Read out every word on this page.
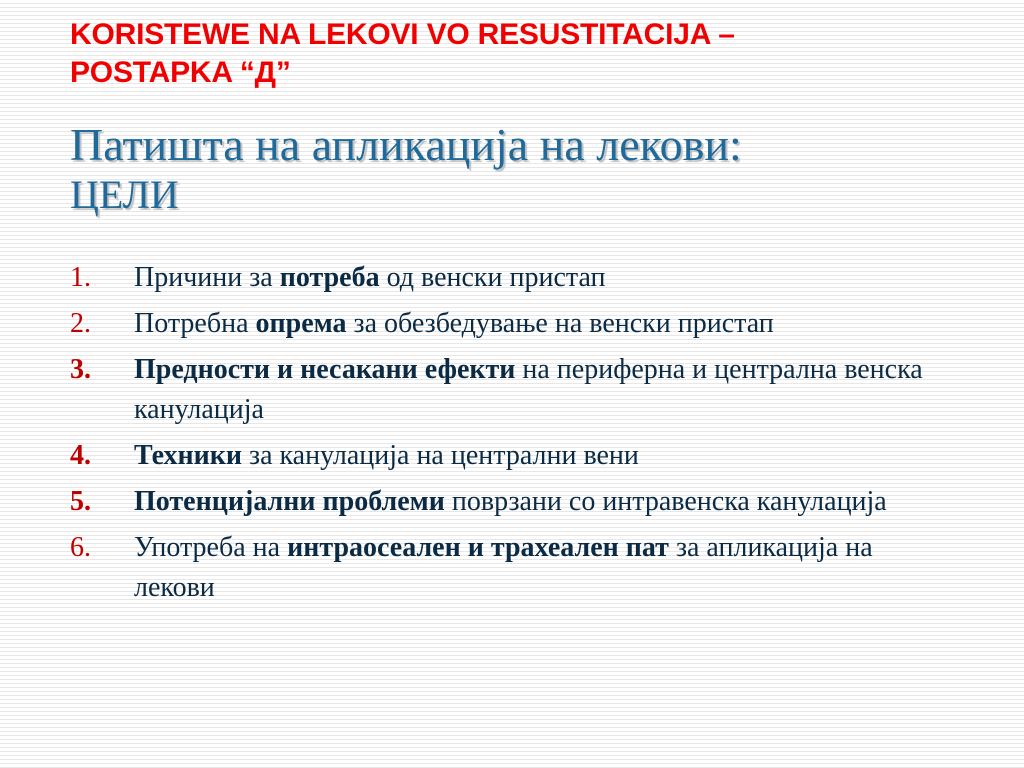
KORISTEWE NA LEKOVI VO RESUSTITACIJA –
POSTAPKA “Д”
Патишта на апликација на лекови:
ЦЕЛИ
1.	Причини за потреба од венски пристап
2.	Потребна опрема за обезбедување на венски пристап
3.	Предности и несакани ефекти на периферна и централна венска канулација
4.	Техники за канулација на централни вени
5.	Потенцијални проблеми поврзани со интравенска канулација
6.	Употреба на интраосеален и трахеален пат за апликација на лекови
